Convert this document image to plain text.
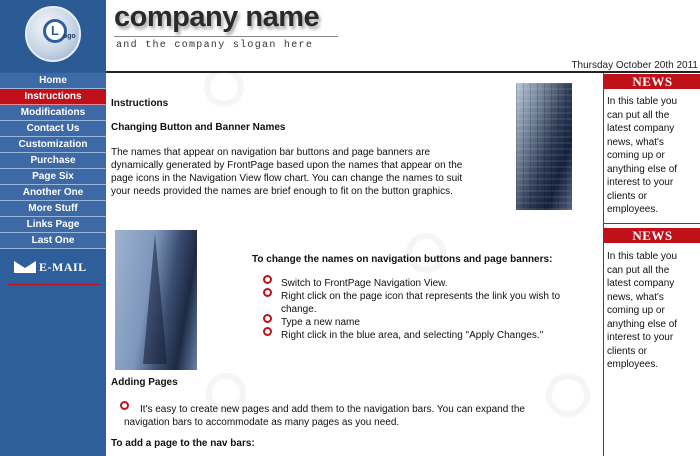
L ogo
Home
Instructions
Modifications
Contact Us
Customization
Purchase
Page Six
Another One
More Stuff
Links Page
Last One
E-MAIL
company name
and the company slogan here
Thursday October 20th 2011
Instructions
Changing Button and Banner Names
The names that appear on navigation bar buttons and page banners are
dynamically generated by FrontPage based upon the names that appear on the
page icons in the Navigation View flow chart. You can change the names to suit
your needs provided the names are brief enough to fit on the button graphics.
To change the names on navigation buttons and page banners:
Switch to FrontPage Navigation View.
Right click on the page icon that represents the link you wish to
change.
Type a new name
Right click in the blue area, and selecting "Apply Changes."
Adding Pages
It's easy to create new pages and add them to the navigation bars. You can expand the
navigation bars to accommodate as many pages as you need.
To add a page to the nav bars:
NEWS
In this table you
can put all the
latest company
news, what's
coming up or
anything else of
interest to your
clients or
employees.
NEWS
In this table you
can put all the
latest company
news, what's
coming up or
anything else of
interest to your
clients or
employees.
